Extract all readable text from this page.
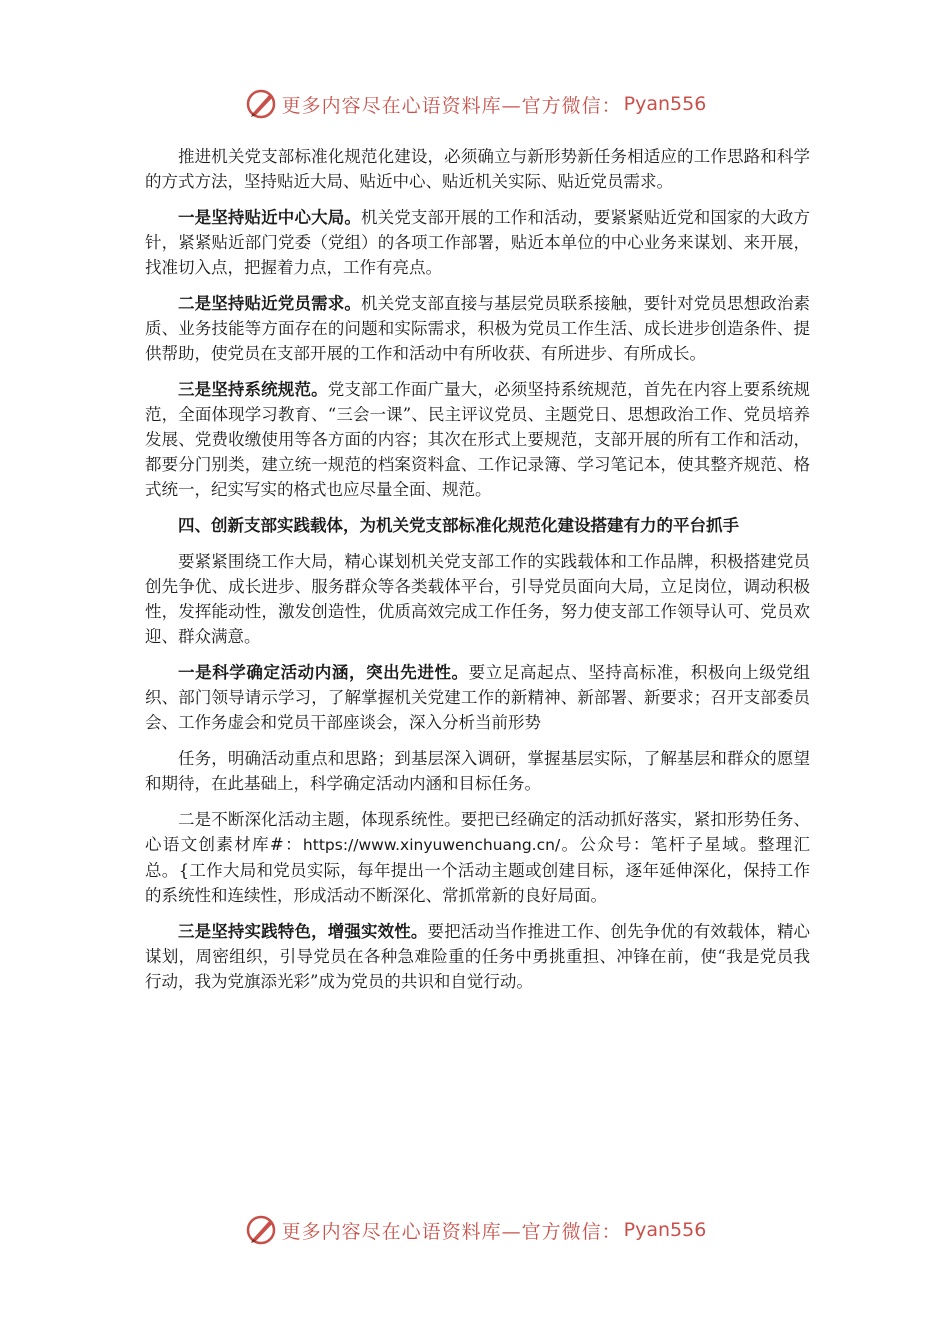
更多内容尽在心语资料库—官方微信： Pyan556

推进机关党支部标准化规范化建设，必须确立与新形势新任务相适应的工作思路和科学的方式方法，坚持贴近大局、贴近中心、贴近机关实际、贴近党员需求。

一是坚持贴近中心大局。机关党支部开展的工作和活动，要紧紧贴近党和国家的大政方针，紧紧贴近部门党委（党组）的各项工作部署，贴近本单位的中心业务来谋划、来开展，找准切入点，把握着力点，工作有亮点。

二是坚持贴近党员需求。机关党支部直接与基层党员联系接触，要针对党员思想政治素质、业务技能等方面存在的问题和实际需求，积极为党员工作生活、成长进步创造条件、提供帮助，使党员在支部开展的工作和活动中有所收获、有所进步、有所成长。

三是坚持系统规范。党支部工作面广量大，必须坚持系统规范，首先在内容上要系统规范，全面体现学习教育、“三会一课”、民主评议党员、主题党日、思想政治工作、党员培养发展、党费收缴使用等各方面的内容；其次在形式上要规范，支部开展的所有工作和活动，都要分门别类，建立统一规范的档案资料盒、工作记录簿、学习笔记本，使其整齐规范、格式统一，纪实写实的格式也应尽量全面、规范。

四、创新支部实践载体，为机关党支部标准化规范化建设搭建有力的平台抓手

要紧紧围绕工作大局，精心谋划机关党支部工作的实践载体和工作品牌，积极搭建党员创先争优、成长进步、服务群众等各类载体平台，引导党员面向大局，立足岗位，调动积极性，发挥能动性，激发创造性，优质高效完成工作任务，努力使支部工作领导认可、党员欢迎、群众满意。

一是科学确定活动内涵，突出先进性。要立足高起点、坚持高标准，积极向上级党组织、部门领导请示学习，了解掌握机关党建工作的新精神、新部署、新要求；召开支部委员会、工作务虚会和党员干部座谈会，深入分析当前形势

任务，明确活动重点和思路；到基层深入调研，掌握基层实际，了解基层和群众的愿望和期待，在此基础上，科学确定活动内涵和目标任务。

二是不断深化活动主题，体现系统性。要把已经确定的活动抓好落实，紧扣形势任务、心语文创素材库#：https://www.xinyuwenchuang.cn/。公众号：笔杆子星域。整理汇总。{工作大局和党员实际，每年提出一个活动主题或创建目标，逐年延伸深化，保持工作的系统性和连续性，形成活动不断深化、常抓常新的良好局面。

三是坚持实践特色，增强实效性。要把活动当作推进工作、创先争优的有效载体，精心谋划，周密组织，引导党员在各种急难险重的任务中勇挑重担、冲锋在前，使“我是党员我行动，我为党旗添光彩”成为党员的共识和自觉行动。

更多内容尽在心语资料库—官方微信： Pyan556
